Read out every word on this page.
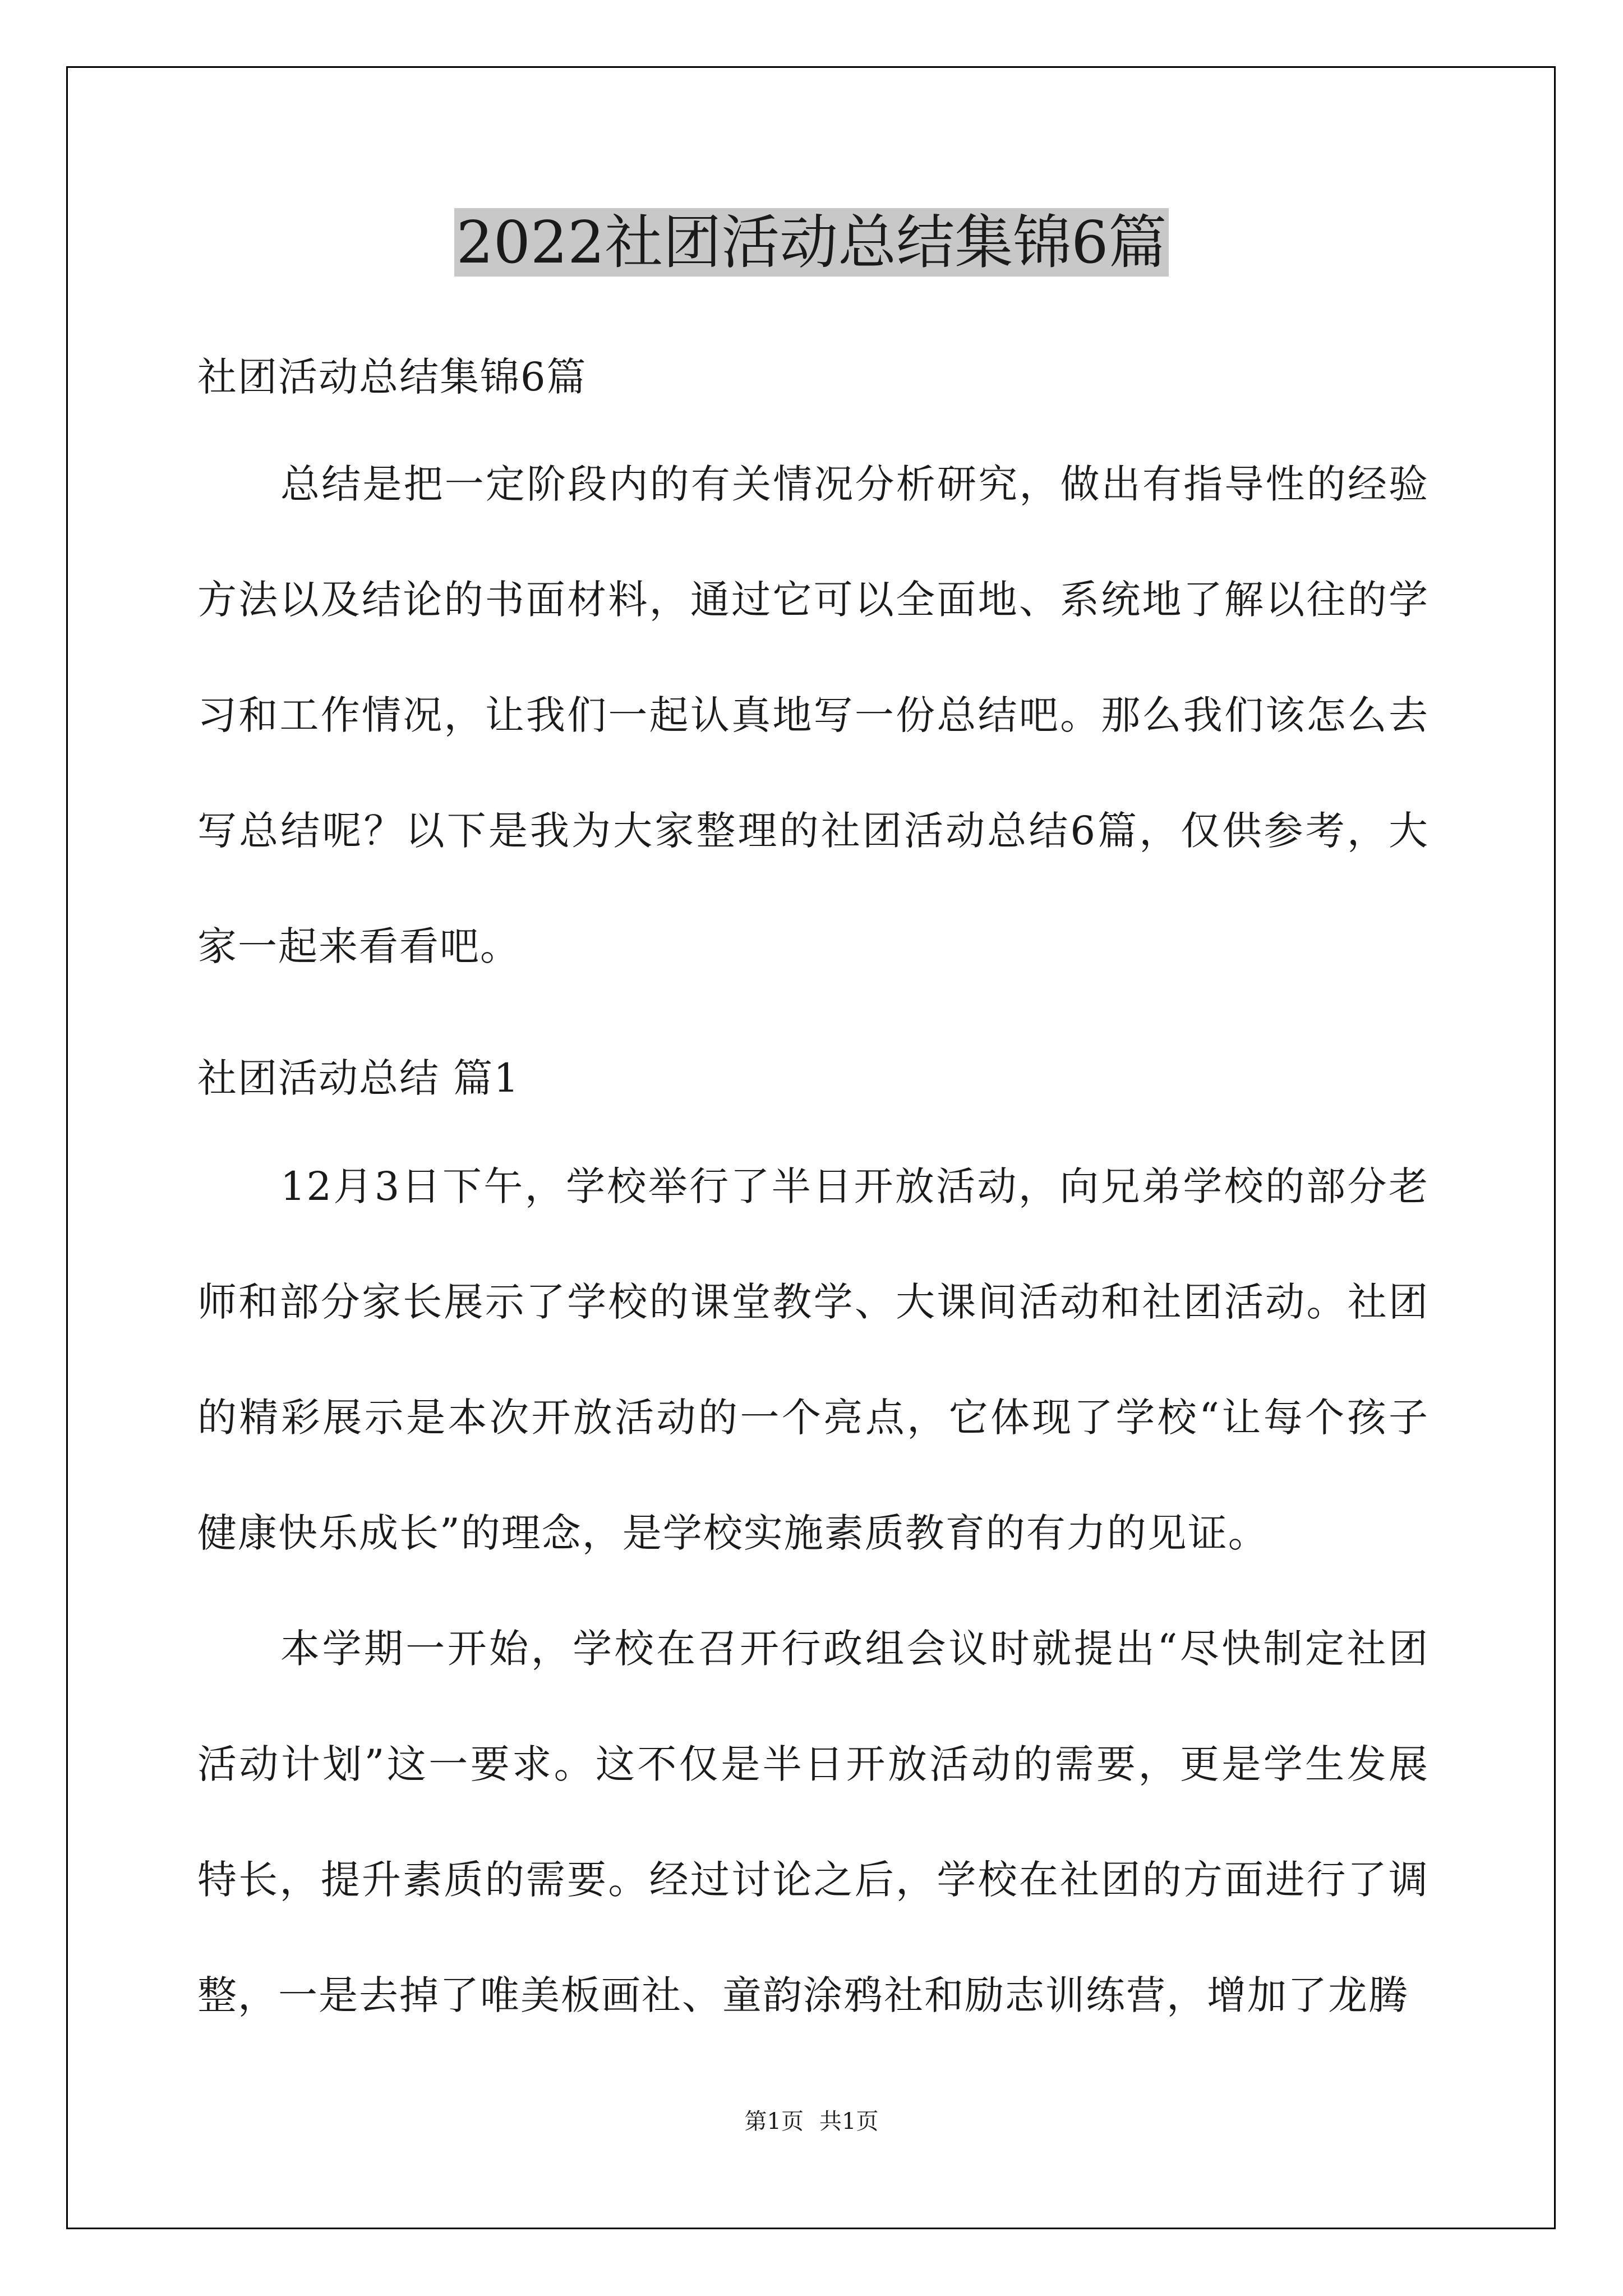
2022社团活动总结集锦6篇
社团活动总结集锦6篇
总结是把一定阶段内的有关情况分析研究，做出有指导性的经验方法以及结论的书面材料，通过它可以全面地、系统地了解以往的学习和工作情况，让我们一起认真地写一份总结吧。那么我们该怎么去写总结呢？以下是我为大家整理的社团活动总结6篇，仅供参考，大家一起来看看吧。
社团活动总结 篇1
12月3日下午，学校举行了半日开放活动，向兄弟学校的部分老师和部分家长展示了学校的课堂教学、大课间活动和社团活动。社团的精彩展示是本次开放活动的一个亮点，它体现了学校“让每个孩子健康快乐成长”的理念，是学校实施素质教育的有力的见证。
本学期一开始，学校在召开行政组会议时就提出“尽快制定社团活动计划”这一要求。这不仅是半日开放活动的需要，更是学生发展特长，提升素质的需要。经过讨论之后，学校在社团的方面进行了调整，一是去掉了唯美板画社、童韵涂鸦社和励志训练营，增加了龙腾
第1页 共1页
